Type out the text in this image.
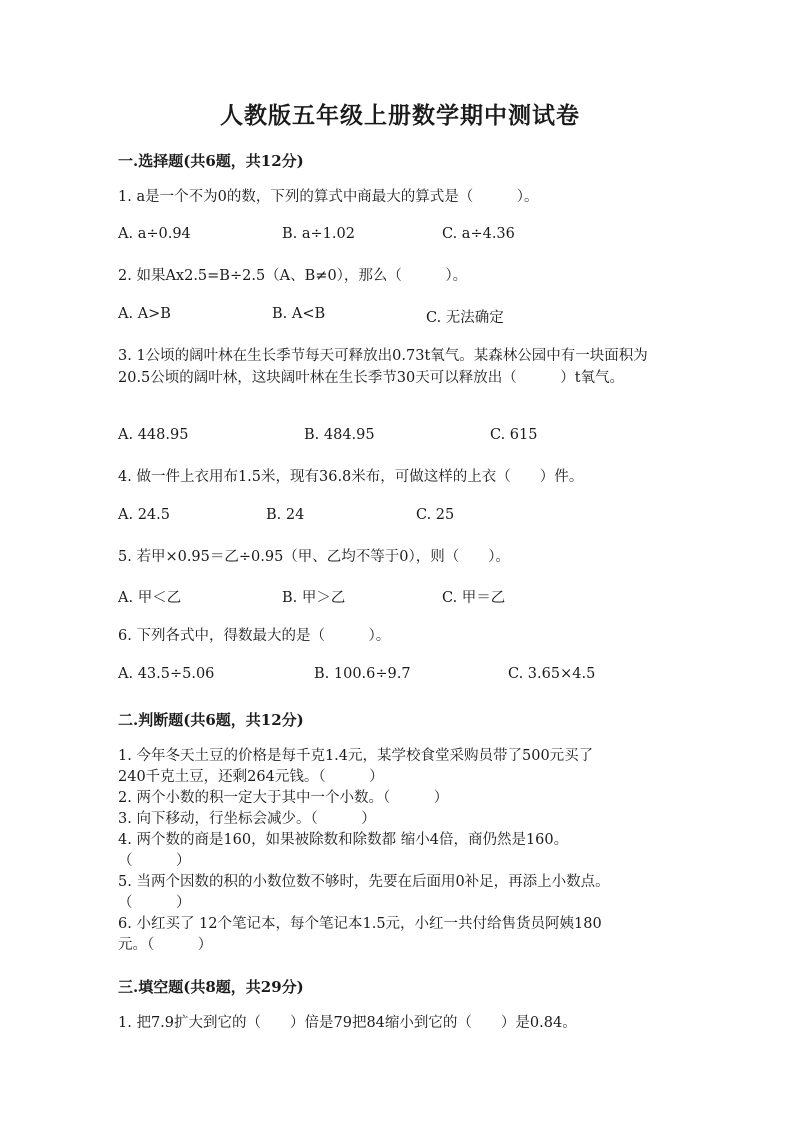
人教版五年级上册数学期中测试卷
一.选择题(共6题，共12分)
1. a是一个不为0的数，下列的算式中商最大的算式是（　　　）。
A. a÷0.94	B. a÷1.02	C. a÷4.36
2. 如果Ax2.5=B÷2.5（A、B≠0），那么（　　　）。
A. A>B	B. A<B	C. 无法确定
3. 1公顷的阔叶林在生长季节每天可释放出0.73t氧气。某森林公园中有一块面积为20.5公顷的阔叶林，这块阔叶林在生长季节30天可以释放出（　　　）t氧气。
A. 448.95	B. 484.95	C. 615
4. 做一件上衣用布1.5米，现有36.8米布，可做这样的上衣（　　）件。
A. 24.5	B. 24	C. 25
5. 若甲×0.95＝乙÷0.95（甲、乙均不等于0），则（　　）。
A. 甲＜乙	B. 甲＞乙	C. 甲＝乙
6. 下列各式中，得数最大的是（　　　）。
A. 43.5÷5.06	B. 100.6÷9.7	C. 3.65×4.5
二.判断题(共6题，共12分)
1. 今年冬天土豆的价格是每千克1.4元，某学校食堂采购员带了500元买了
240千克土豆，还剩264元钱。（　　　）
2. 两个小数的积一定大于其中一个小数。（　　　）
3. 向下移动，行坐标会减少。（　　　）
4. 两个数的商是160，如果被除数和除数都 缩小4倍，商仍然是160。
（　　　）
5. 当两个因数的积的小数位数不够时，先要在后面用0补足，再添上小数点。
（　　　）
6. 小红买了 12个笔记本，每个笔记本1.5元，小红一共付给售货员阿姨180
元。（　　　）
三.填空题(共8题，共29分)
1. 把7.9扩大到它的（　　）倍是79把84缩小到它的（　　）是0.84。
